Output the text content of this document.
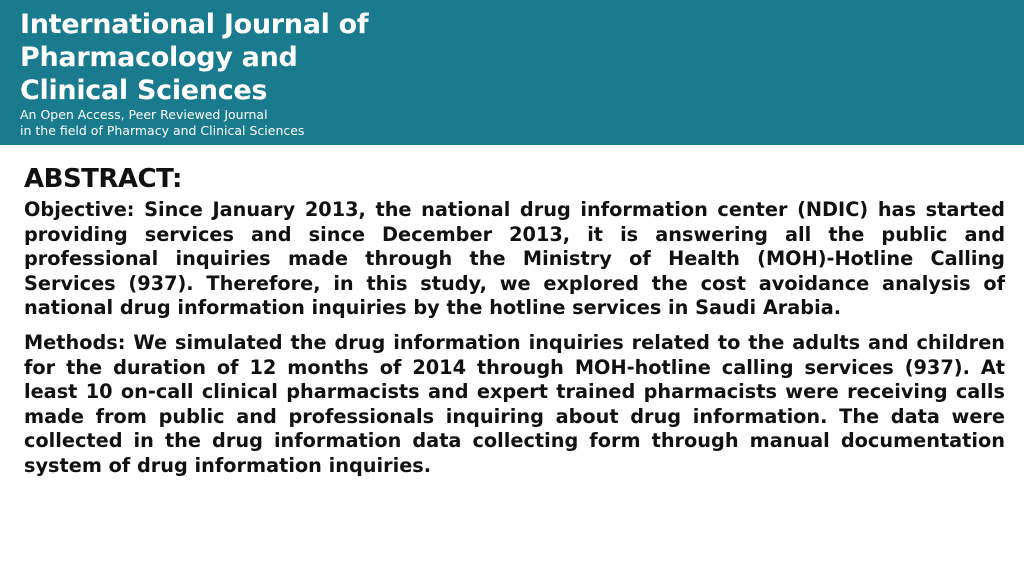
International Journal of
Pharmacology and
Clinical Sciences
An Open Access, Peer Reviewed Journal
in the field of Pharmacy and Clinical Sciences
ABSTRACT:

Objective: Since January 2013, the national drug information center (NDIC) has started providing services and since December 2013, it is answering all the public and professional inquiries made through the Ministry of Health (MOH)-Hotline Calling Services (937). Therefore, in this study, we explored the cost avoidance analysis of national drug information inquiries by the hotline services in Saudi Arabia.

Methods: We simulated the drug information inquiries related to the adults and children for the duration of 12 months of 2014 through MOH-hotline calling services (937). At least 10 on-call clinical pharmacists and expert trained pharmacists were receiving calls made from public and professionals inquiring about drug information. The data were collected in the drug information data collecting form through manual documentation system of drug information inquiries.
